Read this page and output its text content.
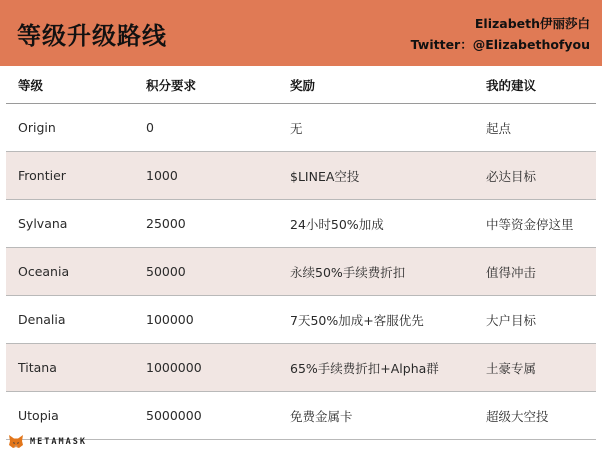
等级升级路线	Elizabeth伊丽莎白
Twitter：@Elizabethofyou
等级	积分要求	奖励	我的建议
Origin	0	无	起点
Frontier	1000	$LINEA空投	必达目标
Sylvana	25000	24小时50%加成	中等资金停这里
Oceania	50000	永续50%手续费折扣	值得冲击
Denalia	100000	7天50%加成+客服优先	大户目标
Titana	1000000	65%手续费折扣+Alpha群	土豪专属
Utopia	5000000	免费金属卡	超级大空投
METAMASK
